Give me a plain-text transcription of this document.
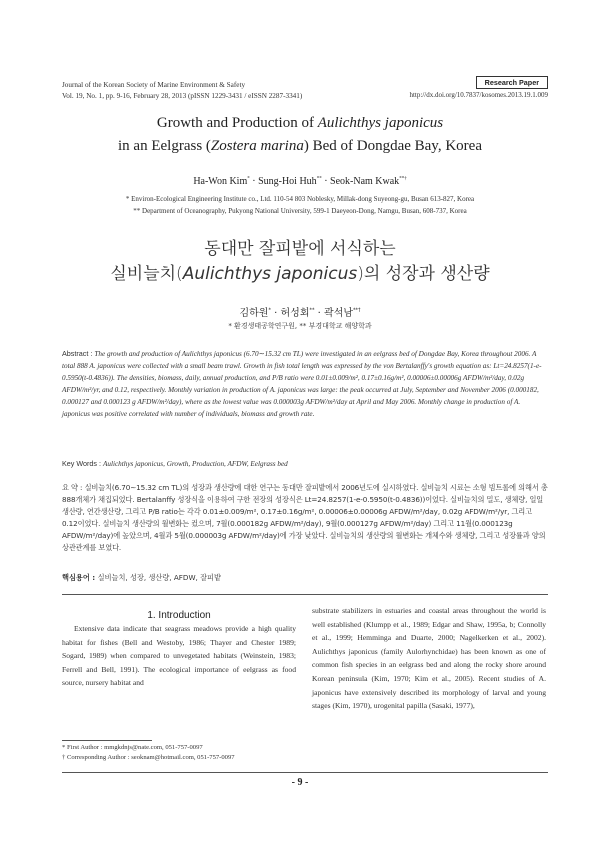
Journal of the Korean Society of Marine Environment & Safety
Vol. 19, No. 1, pp. 9-16, February 28, 2013 (pISSN 1229-3431 / eISSN 2287-3341)
Research Paper
http://dx.doi.org/10.7837/kosomes.2013.19.1.009
Growth and Production of Aulichthys japonicus
in an Eelgrass (Zostera marina) Bed of Dongdae Bay, Korea
Ha-Won Kim* · Sung-Hoi Huh** · Seok-Nam Kwak**†
* Environ-Ecological Engineering Institute co., Ltd. 110-54 803 Noblesky, Millak-dong Suyeong-gu, Busan 613-827, Korea
** Department of Oceanography, Pukyong National University, 599-1 Daeyeon-Dong, Namgu, Busan, 608-737, Korea
동대만 잘피밭에 서식하는
실비늘치(Aulichthys japonicus)의 성장과 생산량
김하원* · 허성회** · 곽석남**†
* 환경생태공학연구원, ** 부경대학교 해양학과
Abstract : The growth and production of Aulichthys japonicus (6.70∼15.32 cm TL) were investigated in an eelgrass bed of Dongdae Bay, Korea throughout 2006. A total 888 A. japonicus were collected with a small beam trawl. Growth in fish total length was expressed by the von Bertalanffy's growth equation as: Lt=24.8257(1-e-0.5950(t-0.4836)). The densities, biomass, daily, annual production, and P/B ratio were 0.01±0.009/m², 0.17±0.16g/m², 0.00006±0.00006g AFDW/m²/day, 0.02g AFDW/m²/yr, and 0.12, respectively. Monthly variation in production of A. japonicus was large: the peak occurred at July, September and November 2006 (0.000182, 0.000127 and 0.000123 g AFDW/m²/day), where as the lowest value was 0.000003g AFDW/m²/day at April and May 2006. Monthly change in production of A. japonicus was positive correlated with number of individuals, biomass and growth rate.
Key Words : Aulichthys japonicus, Growth, Production, AFDW, Eelgrass bed
요 약 : 실비늘치(6.70∼15.32 cm TL)의 성장과 생산량에 대한 연구는 동대만 잘피밭에서 2006년도에 실시하였다. 실비늘치 시료는 소형 빔트롤에 의해서 총 888개체가 채집되었다. Bertalanffy 성장식을 이용하여 구한 전장의 성장식은 Lt=24.8257(1-e-0.5950(t-0.4836))이었다. 실비늘치의 밀도, 생체량, 일일생산량, 연간생산량, 그리고 P/B ratio는 각각 0.01±0.009/m², 0.17±0.16g/m², 0.00006±0.00006g AFDW/m²/day, 0.02g AFDW/m²/yr, 그리고 0.12이었다. 실비늘치 생산량의 월변화는 컸으며, 7월(0.000182g AFDW/m²/day), 9월(0.000127g AFDW/m²/day) 그리고 11월(0.000123g AFDW/m²/day)에 높았으며, 4월과 5월(0.000003g AFDW/m²/day)에 가장 낮았다. 실비늘치의 생산량의 월변화는 개체수와 생체량, 그리고 성장률과 양의 상관관계를 보였다.
핵심용어 : 실비늘치, 성장, 생산량, AFDW, 잘피밭
1. Introduction

Extensive data indicate that seagrass meadows provide a high quality habitat for fishes (Bell and Westoby, 1986; Thayer and Chester 1989; Sogard, 1989) when compared to unvegetated habitats (Weinstein, 1983; Ferrell and Bell, 1991). The ecological importance of eelgrass as food source, nursery habitat and

substrate stabilizers in estuaries and coastal areas throughout the world is well established (Klumpp et al., 1989; Edgar and Shaw, 1995a, b; Connolly et al., 1999; Hemminga and Duarte, 2000; Nagelkerken et al., 2002). Aulichthys japonicus (family Aulorhynchidae) has been known as one of common fish species in an eelgrass bed and along the rocky shore around Korean peninsula (Kim, 1970; Kim et al., 2005). Recent studies of A. japonicus have extensively described its morphology of larval and young stages (Kim, 1970), urogenital papilla (Sasaki, 1977),

* First Author : mmgkdnjs@nate.com, 051-757-0097
† Corresponding Author : seoknam@hotmail.com, 051-757-0097
- 9 -
